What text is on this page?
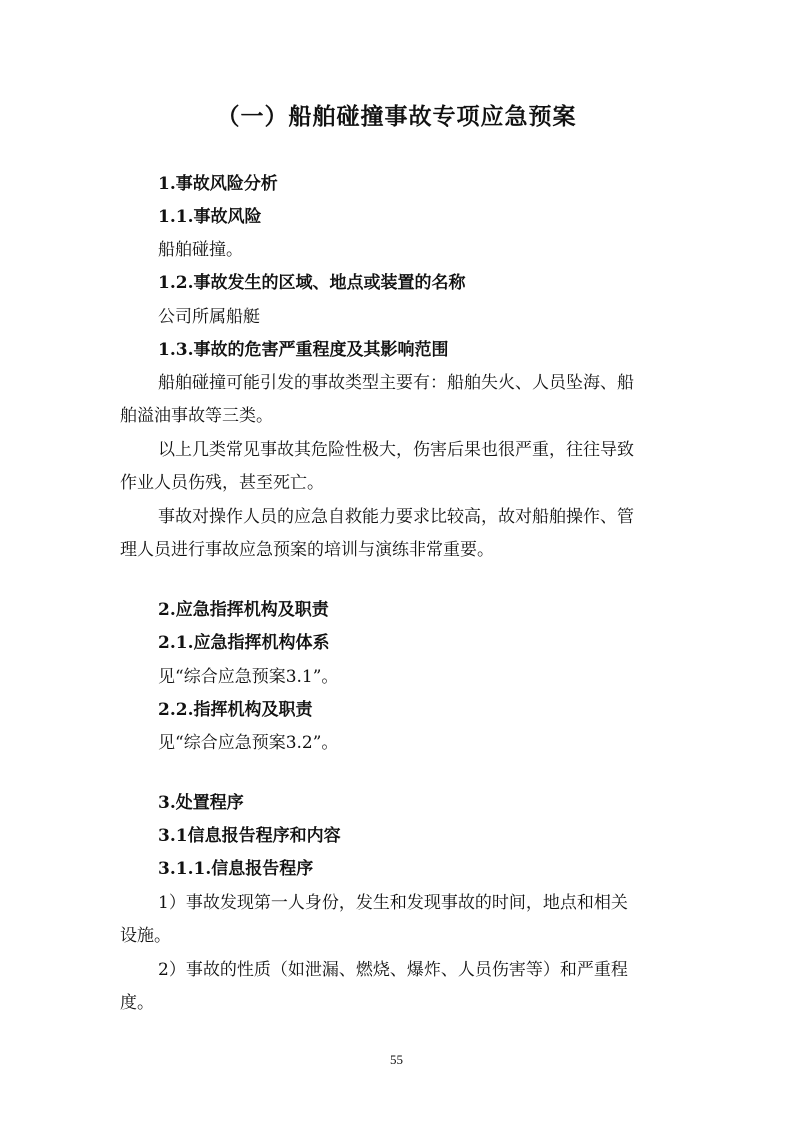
（一）船舶碰撞事故专项应急预案
1.事故风险分析
1.1.事故风险
船舶碰撞。
1.2.事故发生的区域、地点或装置的名称
公司所属船艇
1.3.事故的危害严重程度及其影响范围
船舶碰撞可能引发的事故类型主要有：船舶失火、人员坠海、船
舶溢油事故等三类。
以上几类常见事故其危险性极大，伤害后果也很严重，往往导致
作业人员伤残，甚至死亡。
事故对操作人员的应急自救能力要求比较高，故对船舶操作、管
理人员进行事故应急预案的培训与演练非常重要。
2.应急指挥机构及职责
2.1.应急指挥机构体系
见“综合应急预案3.1”。
2.2.指挥机构及职责
见“综合应急预案3.2”。
3.处置程序
3.1信息报告程序和内容
3.1.1.信息报告程序
1）事故发现第一人身份，发生和发现事故的时间，地点和相关
设施。
2）事故的性质（如泄漏、燃烧、爆炸、人员伤害等）和严重程
度。
55
